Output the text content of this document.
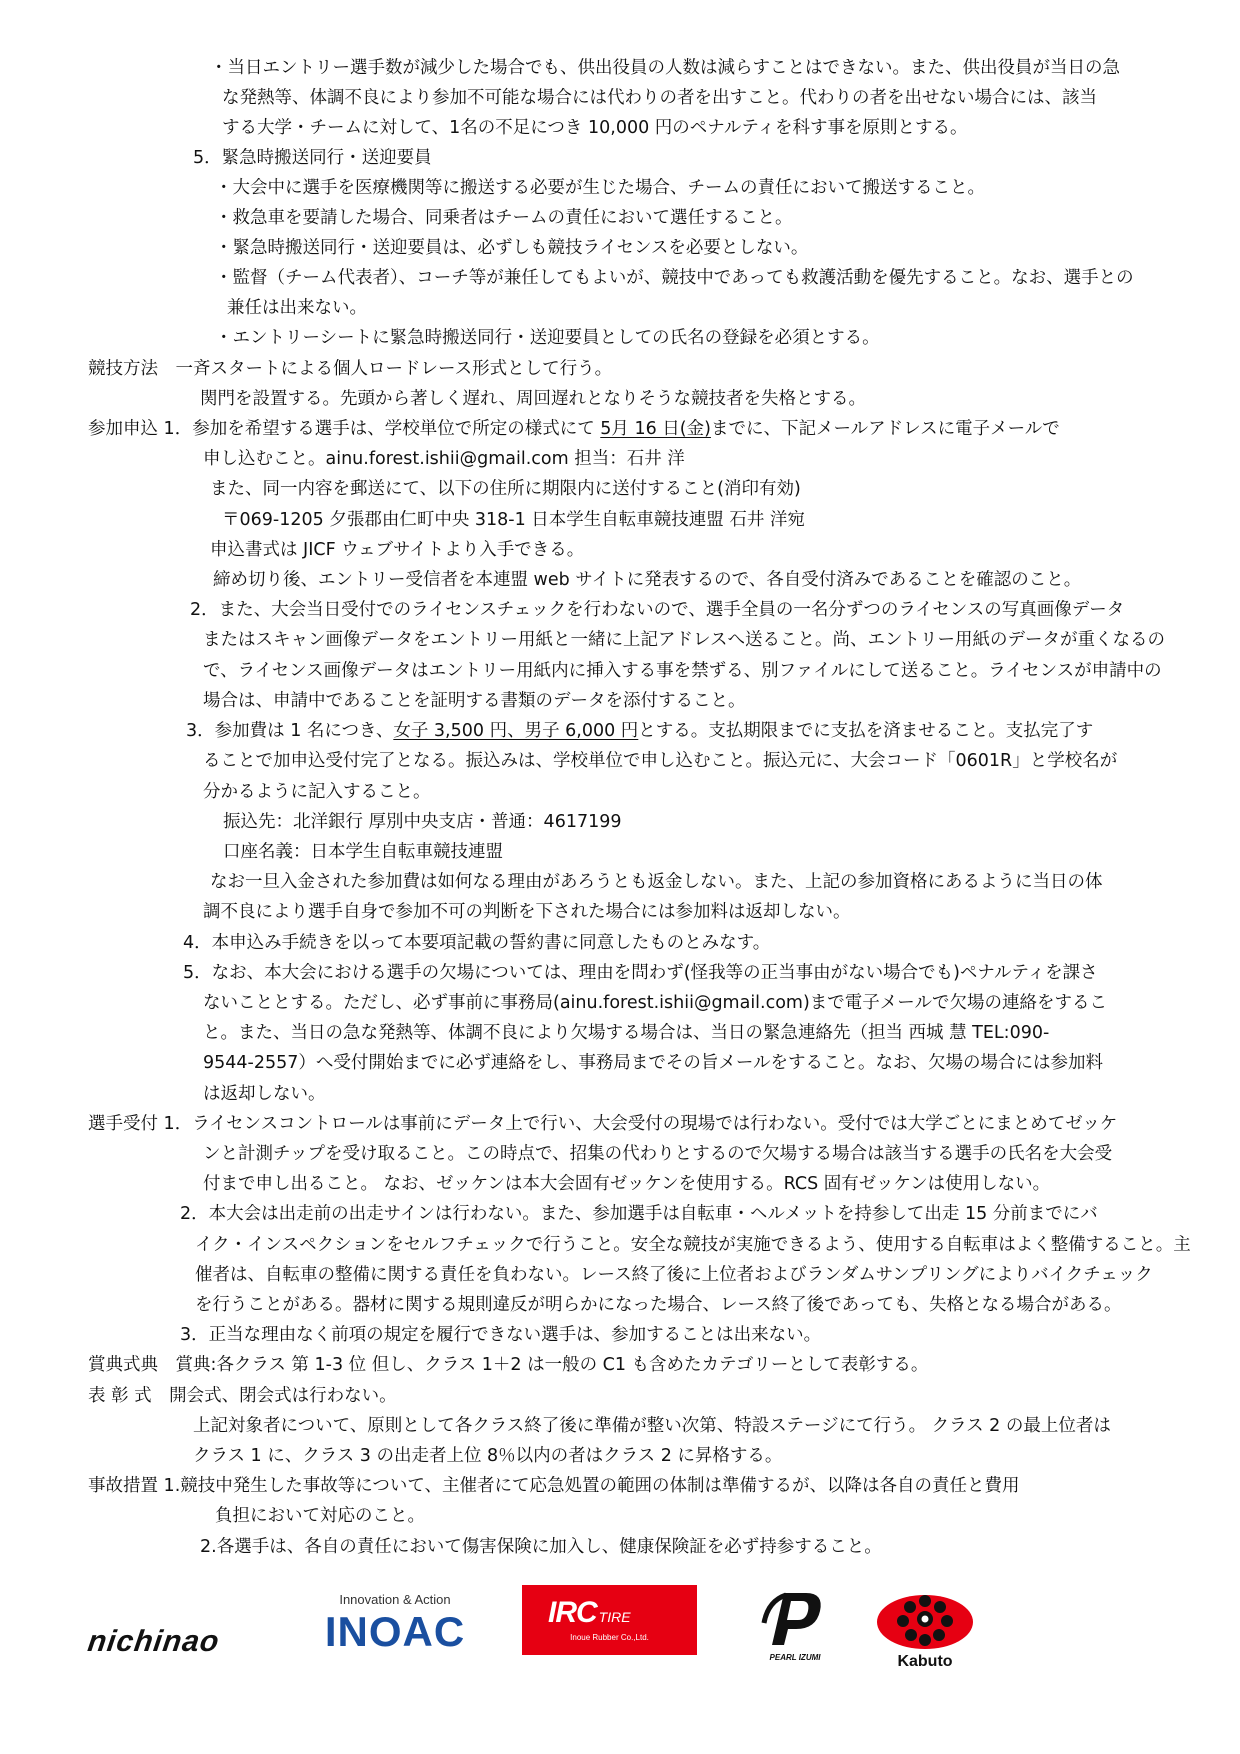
・当日エントリー選手数が減少した場合でも、供出役員の人数は減らすことはできない。また、供出役員が当日の急
な発熱等、体調不良により参加不可能な場合には代わりの者を出すこと。代わりの者を出せない場合には、該当
する大学・チームに対して、1名の不足につき 10,000 円のペナルティを科す事を原則とする。
5．緊急時搬送同行・送迎要員
・大会中に選手を医療機関等に搬送する必要が生じた場合、チームの責任において搬送すること。
・救急車を要請した場合、同乗者はチームの責任において選任すること。
・緊急時搬送同行・送迎要員は、必ずしも競技ライセンスを必要としない。
・監督（チーム代表者）、コーチ等が兼任してもよいが、競技中であっても救護活動を優先すること。なお、選手との
兼任は出来ない。
・エントリーシートに緊急時搬送同行・送迎要員としての氏名の登録を必須とする。
競技方法　一斉スタートによる個人ロードレース形式として行う。
関門を設置する。先頭から著しく遅れ、周回遅れとなりそうな競技者を失格とする。
参加申込 1．参加を希望する選手は、学校単位で所定の様式にて 5月 16 日(金)までに、下記メールアドレスに電子メールで
申し込むこと。ainu.forest.ishii@gmail.com 担当：石井 洋
また、同一内容を郵送にて、以下の住所に期限内に送付すること(消印有効)
〒069-1205 夕張郡由仁町中央 318-1 日本学生自転車競技連盟 石井 洋宛
申込書式は JICF ウェブサイトより入手できる。
締め切り後、エントリー受信者を本連盟 web サイトに発表するので、各自受付済みであることを確認のこと。
2．また、大会当日受付でのライセンスチェックを行わないので、選手全員の一名分ずつのライセンスの写真画像データ
またはスキャン画像データをエントリー用紙と一緒に上記アドレスへ送ること。尚、エントリー用紙のデータが重くなるの
で、ライセンス画像データはエントリー用紙内に挿入する事を禁ずる、別ファイルにして送ること。ライセンスが申請中の
場合は、申請中であることを証明する書類のデータを添付すること。
3．参加費は 1 名につき、女子 3,500 円、男子 6,000 円とする。支払期限までに支払を済ませること。支払完了す
ることで加申込受付完了となる。振込みは、学校単位で申し込むこと。振込元に、大会コード「0601R」と学校名が
分かるように記入すること。
振込先：北洋銀行 厚別中央支店・普通：4617199
口座名義：日本学生自転車競技連盟
なお一旦入金された参加費は如何なる理由があろうとも返金しない。また、上記の参加資格にあるように当日の体
調不良により選手自身で参加不可の判断を下された場合には参加料は返却しない。
4．本申込み手続きを以って本要項記載の誓約書に同意したものとみなす。
5．なお、本大会における選手の欠場については、理由を問わず(怪我等の正当事由がない場合でも)ペナルティを課さ
ないこととする。ただし、必ず事前に事務局(ainu.forest.ishii@gmail.com)まで電子メールで欠場の連絡をするこ
と。また、当日の急な発熱等、体調不良により欠場する場合は、当日の緊急連絡先（担当 西城 慧 TEL:090-
9544-2557）へ受付開始までに必ず連絡をし、事務局までその旨メールをすること。なお、欠場の場合には参加料
は返却しない。
選手受付 1．ライセンスコントロールは事前にデータ上で行い、大会受付の現場では行わない。受付では大学ごとにまとめてゼッケ
ンと計測チップを受け取ること。この時点で、招集の代わりとするので欠場する場合は該当する選手の氏名を大会受
付まで申し出ること。 なお、ゼッケンは本大会固有ゼッケンを使用する。RCS 固有ゼッケンは使用しない。
2．本大会は出走前の出走サインは行わない。また、参加選手は自転車・ヘルメットを持参して出走 15 分前までにバ
イク・インスペクションをセルフチェックで行うこと。安全な競技が実施できるよう、使用する自転車はよく整備すること。主
催者は、自転車の整備に関する責任を負わない。レース終了後に上位者およびランダムサンプリングによりバイクチェック
を行うことがある。器材に関する規則違反が明らかになった場合、レース終了後であっても、失格となる場合がある。
3．正当な理由なく前項の規定を履行できない選手は、参加することは出来ない。
賞典式典　賞典:各クラス 第 1-3 位 但し、クラス 1＋2 は一般の C1 も含めたカテゴリーとして表彰する。
表 彰 式　開会式、閉会式は行わない。
上記対象者について、原則として各クラス終了後に準備が整い次第、特設ステージにて行う。 クラス 2 の最上位者は
クラス 1 に、クラス 3 の出走者上位 8％以内の者はクラス 2 に昇格する。
事故措置 1.競技中発生した事故等について、主催者にて応急処置の範囲の体制は準備するが、以降は各自の責任と費用
負担において対応のこと。
2.各選手は、各自の責任において傷害保険に加入し、健康保険証を必ず持参すること。
nichinao
Innovation & Action
INOAC	IRC TIRE
Inoue Rubber Co.,Ltd.
PEARL IZUMI	Kabuto
